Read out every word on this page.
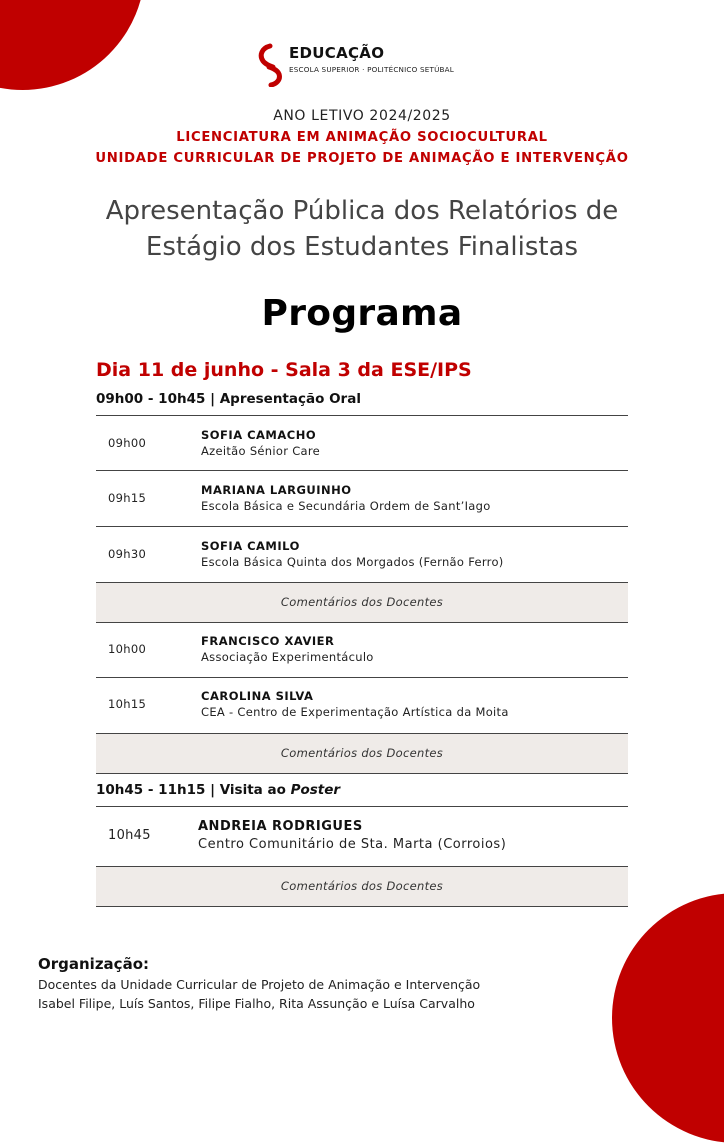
EDUCAÇÃO
ESCOLA SUPERIOR · POLITÉCNICO SETÚBAL
ANO LETIVO 2024/2025
LICENCIATURA EM ANIMAÇÃO SOCIOCULTURAL
UNIDADE CURRICULAR DE PROJETO DE ANIMAÇÃO E INTERVENÇÃO
Apresentação Pública dos Relatórios de
Estágio dos Estudantes Finalistas
Programa
Dia 11 de junho - Sala 3 da ESE/IPS
09h00 - 10h45 | Apresentação Oral
09h00
SOFIA CAMACHO
Azeitão Sénior Care
09h15
MARIANA LARGUINHO
Escola Básica e Secundária Ordem de Sant’Iago
09h30
SOFIA CAMILO
Escola Básica Quinta dos Morgados (Fernão Ferro)
Comentários dos Docentes
10h00
FRANCISCO XAVIER
Associação Experimentáculo
10h15
CAROLINA SILVA
CEA - Centro de Experimentação Artística da Moita
Comentários dos Docentes
10h45 - 11h15 | Visita ao Poster
10h45
ANDREIA RODRIGUES
Centro Comunitário de Sta. Marta (Corroios)
Comentários dos Docentes
Organização:
Docentes da Unidade Curricular de Projeto de Animação e Intervenção
Isabel Filipe, Luís Santos, Filipe Fialho, Rita Assunção e Luísa Carvalho
